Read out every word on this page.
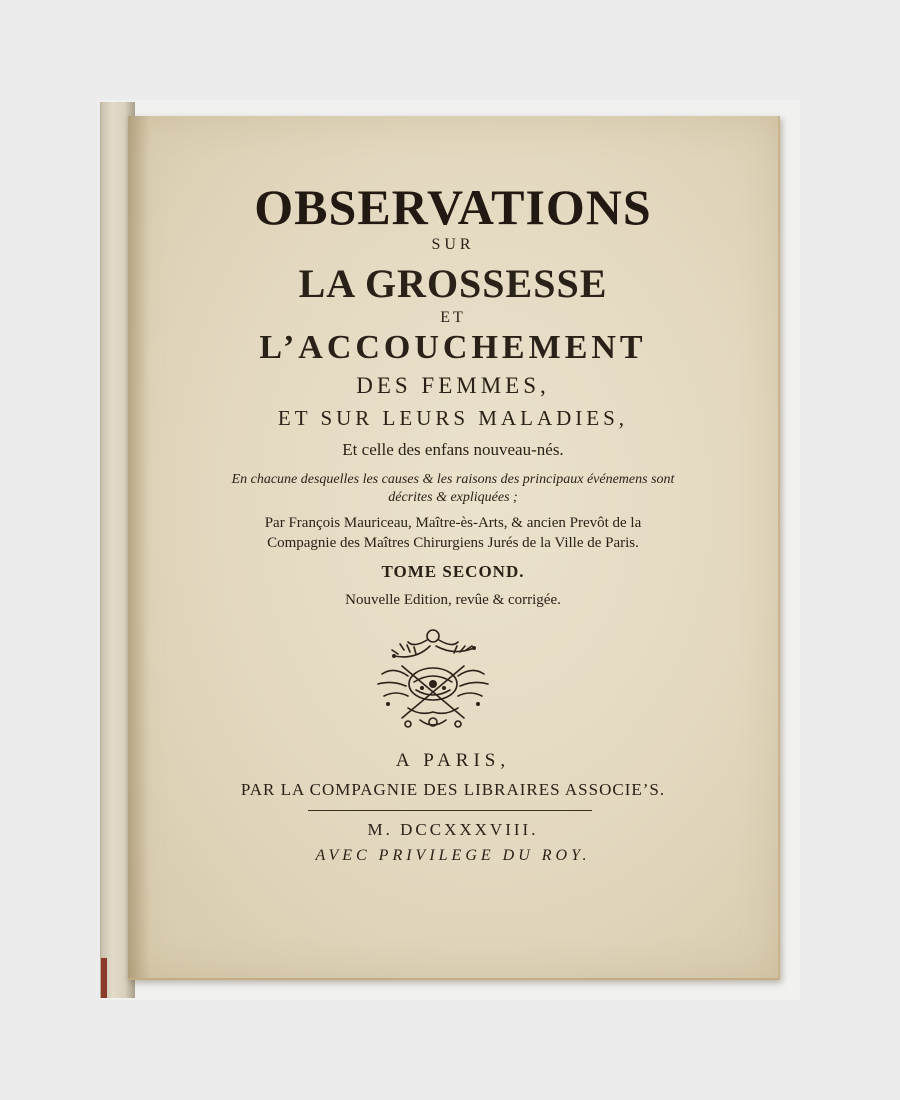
OBSERVATIONS
SUR
LA GROSSESSE
ET
L’ACCOUCHEMENT
DES FEMMES,
ET SUR LEURS MALADIES,
Et celle des enfans nouveau-nés.
En chacune desquelles les causes & les raisons des principaux événemens sont
décrites & expliquées ;
Par François Mauriceau, Maître-ès-Arts, & ancien Prevôt de la
Compagnie des Maîtres Chirurgiens Jurés de la Ville de Paris.
TOME SECOND.
Nouvelle Edition, revûe & corrigée.
A PARIS,
PAR LA COMPAGNIE DES LIBRAIRES ASSOCIE’S.
M. DCCXXXVIII.
AVEC PRIVILEGE DU ROY.
